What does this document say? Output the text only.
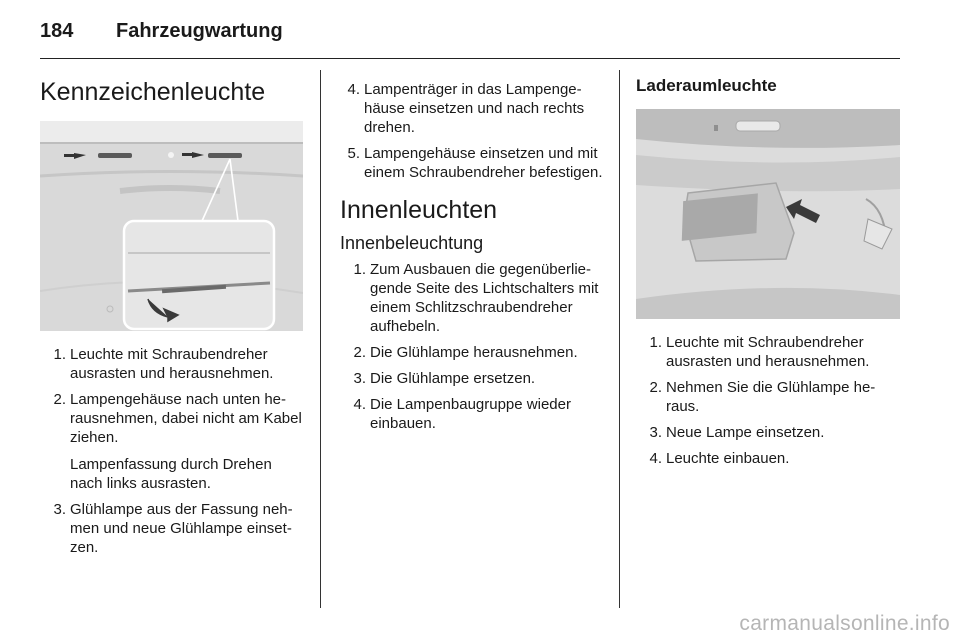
184 Fahrzeugwartung
Kennzeichenleuchte
1. Leuchte mit Schraubendreher ausrasten und herausnehmen.
2. Lampengehäuse nach unten herausnehmen, dabei nicht am Kabel ziehen.
Lampenfassung durch Drehen nach links ausrasten.
3. Glühlampe aus der Fassung nehmen und neue Glühlampe einsetzen.
4. Lampenträger in das Lampengehäuse einsetzen und nach rechts drehen.
5. Lampengehäuse einsetzen und mit einem Schraubendreher befestigen.
Innenleuchten
Innenbeleuchtung
1. Zum Ausbauen die gegenüberliegende Seite des Lichtschalters mit einem Schlitzschraubendreher aufhebeln.
2. Die Glühlampe herausnehmen.
3. Die Glühlampe ersetzen.
4. Die Lampenbaugruppe wieder einbauen.
Laderaumleuchte
1. Leuchte mit Schraubendreher ausrasten und herausnehmen.
2. Nehmen Sie die Glühlampe heraus.
3. Neue Lampe einsetzen.
4. Leuchte einbauen.
carmanualsonline.info
